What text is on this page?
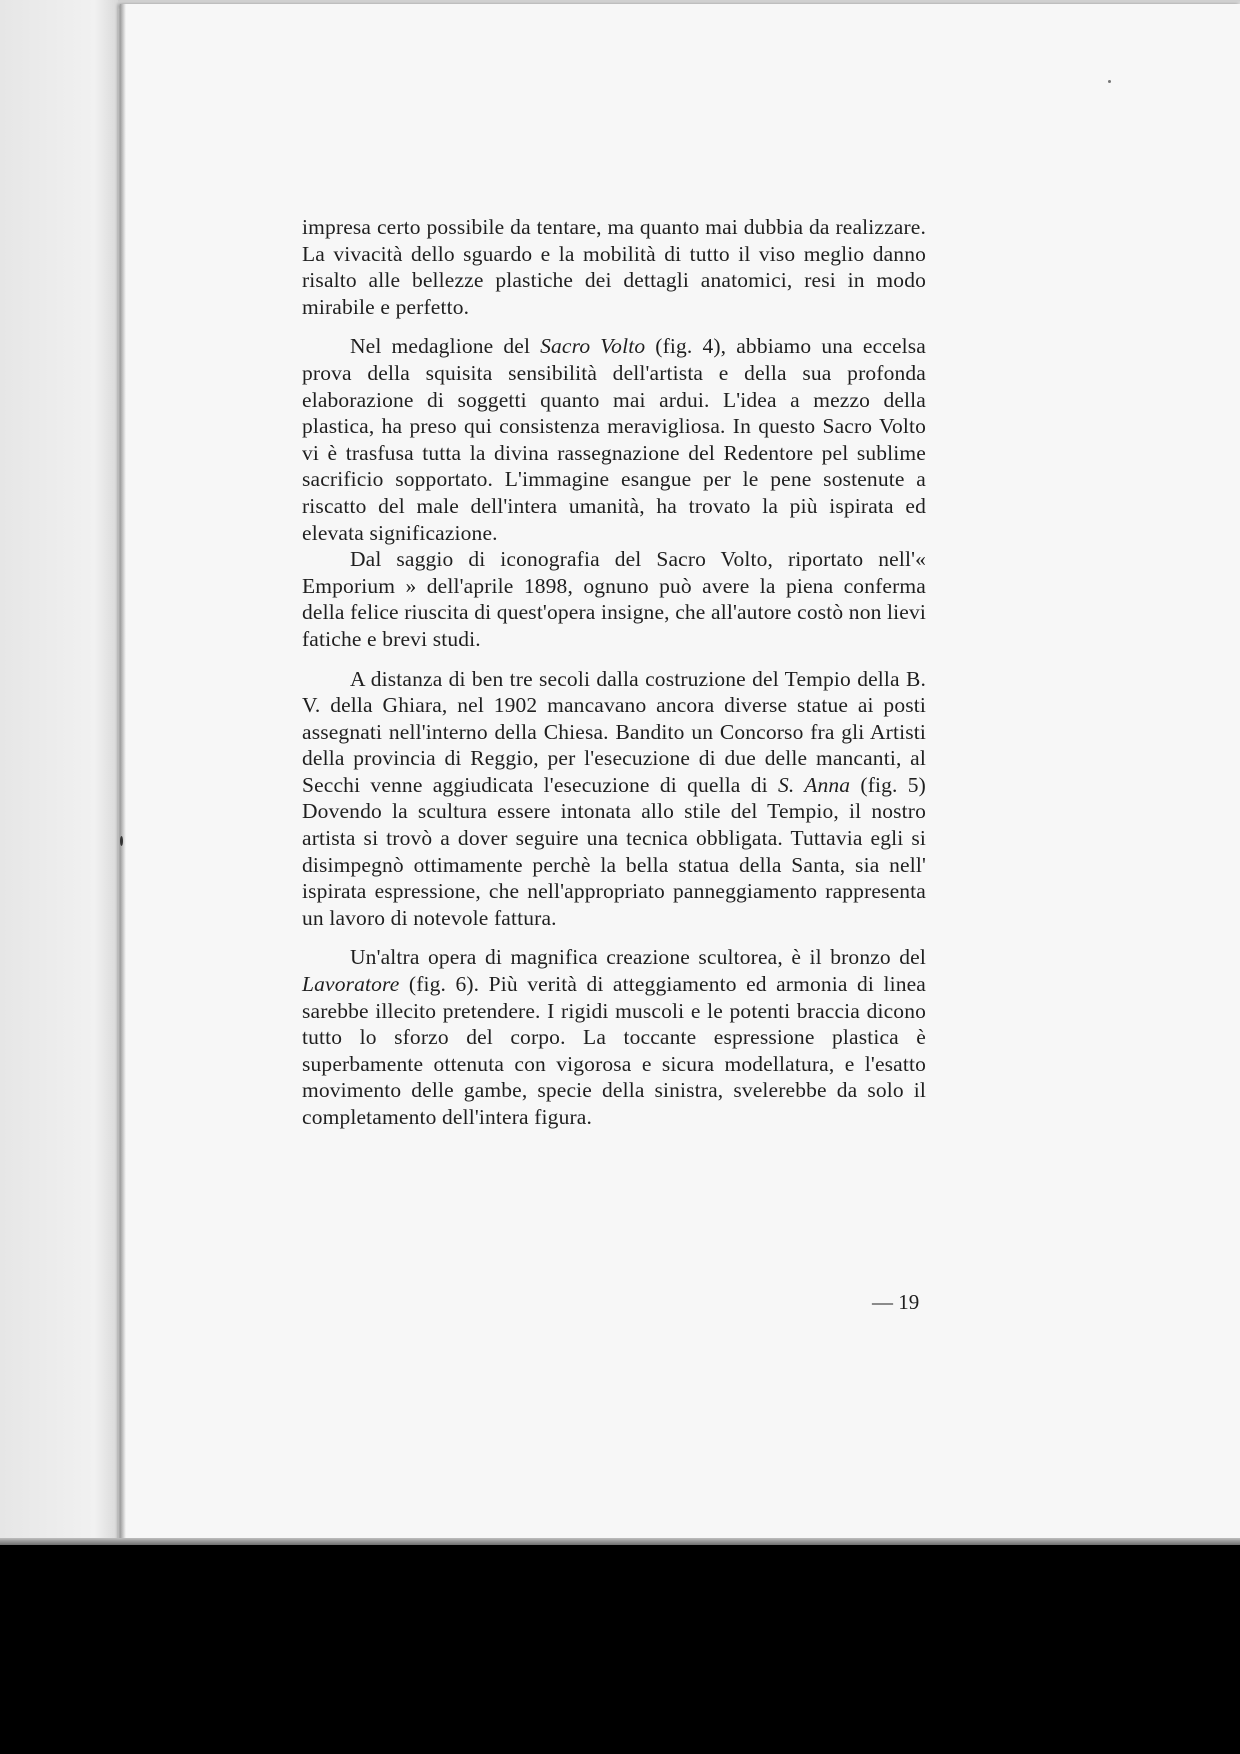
impresa certo possibile da tentare, ma quanto mai dubbia da realizzare. La vivacità dello sguardo e la mobilità di tutto il viso meglio danno risalto alle bellezze plastiche dei dettagli anatomici, resi in modo mirabile e perfetto.

Nel medaglione del Sacro Volto (fig. 4), abbiamo una eccelsa prova della squisita sensibilità dell'artista e della sua profonda elaborazione di soggetti quanto mai ardui. L'idea a mezzo della plastica, ha preso qui consistenza meravigliosa. In questo Sacro Volto vi è trasfusa tutta la divina rassegnazione del Redentore pel sublime sacrificio sopportato. L'immagine esangue per le pene sostenute a riscatto del male dell'intera umanità, ha trovato la più ispirata ed elevata significazione.

Dal saggio di iconografia del Sacro Volto, riportato nell'« Emporium » dell'aprile 1898, ognuno può avere la piena conferma della felice riuscita di quest'opera insigne, che all'autore costò non lievi fatiche e brevi studi.

A distanza di ben tre secoli dalla costruzione del Tempio della B. V. della Ghiara, nel 1902 mancavano ancora diverse statue ai posti assegnati nell'interno della Chiesa. Bandito un Concorso fra gli Artisti della provincia di Reggio, per l'esecuzione di due delle mancanti, al Secchi venne aggiudicata l'esecuzione di quella di S. Anna (fig. 5) Dovendo la scultura essere intonata allo stile del Tempio, il nostro artista si trovò a dover seguire una tecnica obbligata. Tuttavia egli si disimpegnò ottimamente perchè la bella statua della Santa, sia nell' ispirata espressione, che nell'appropriato panneggiamento rappresenta un lavoro di notevole fattura.

Un'altra opera di magnifica creazione scultorea, è il bronzo del Lavoratore (fig. 6). Più verità di atteggiamento ed armonia di linea sarebbe illecito pretendere. I rigidi muscoli e le potenti braccia dicono tutto lo sforzo del corpo. La toccante espressione plastica è superbamente ottenuta con vigorosa e sicura modellatura, e l'esatto movimento delle gambe, specie della sinistra, svelerebbe da solo il completamento dell'intera figura.

— 19
